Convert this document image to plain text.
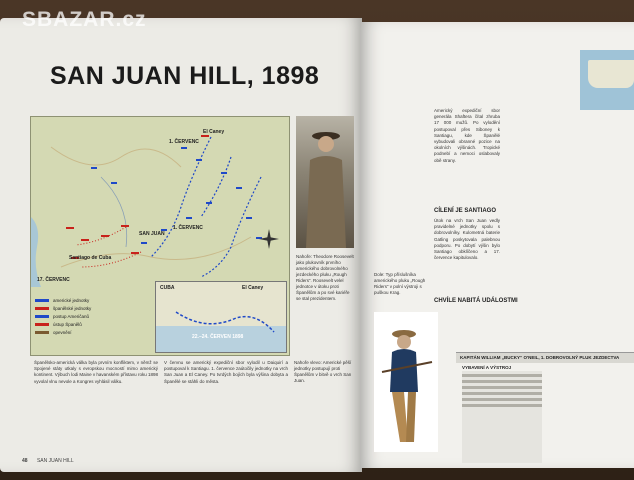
SBAZAR.cz
SAN JUAN HILL, 1898
1. ČERVENC
El Caney
1. ČERVENC
SAN JUAN
Santiago de Cuba
17. ČERVENC
CUBA	El Caney
22.–24. ČERVEN 1898
americké jednotky
španělské jednotky
postup Američanů
ústup Španělů
opevnění
Nahoře: Theodore Roosevelt jako plukovník prvního amerického dobrovolného jezdeckého pluku „Rough Riders“. Roosevelt velel jednotce v útoku proti Španělům a po své kariéře se stal prezidentem.
Španělsko-americká válka byla prvním konfliktem, v němž se Spojené státy utkaly s evropskou mocností mimo americký kontinent. Výbuch lodi Maine v havanském přístavu roku 1898 vyvolal vlnu nevole a Kongres vyhlásil válku.
V červnu se americký expediční sbor vylodil u Daiquirí a postupoval k Santiagu. 1. července zaútočily jednotky na vrch San Juan a El Caney. Po tvrdých bojích byla výšina dobyta a Španělé se stáhli do města.
Nahoře vlevo: Americké pěší jednotky postupují proti Španělům v bitvě o vrch San Juan.
48 SAN JUAN HILL
Americký expediční sbor generála Shaftera čítal zhruba 17 000 mužů. Po vylodění postupoval přes Siboney k Santiagu, kde Španělé vybudovali obranné pozice na okolních výšinách. Tropické podnebí a nemoci oslabovaly obě strany.
CÍLENÍ JE SANTIAGO
Útok na vrch San Juan vedly pravidelné jednotky spolu s dobrovolníky. Kulometná baterie Gatling poskytovala palebnou podporu. Po dobytí výšin bylo Santiago obklíčeno a 17. července kapitulovalo.
CHVÍLE NABITÁ UDÁLOSTMI
Dole: Typ příslušníka amerického pluku „Rough Riders“ v polní výstroji s puškou Krag.
KAPITÁN WILLIAM „BUCKY“ O'NEIL, 1. DOBROVOLNÝ PLUK JEZDECTVA
VYBAVENÍ A VÝSTROJ
